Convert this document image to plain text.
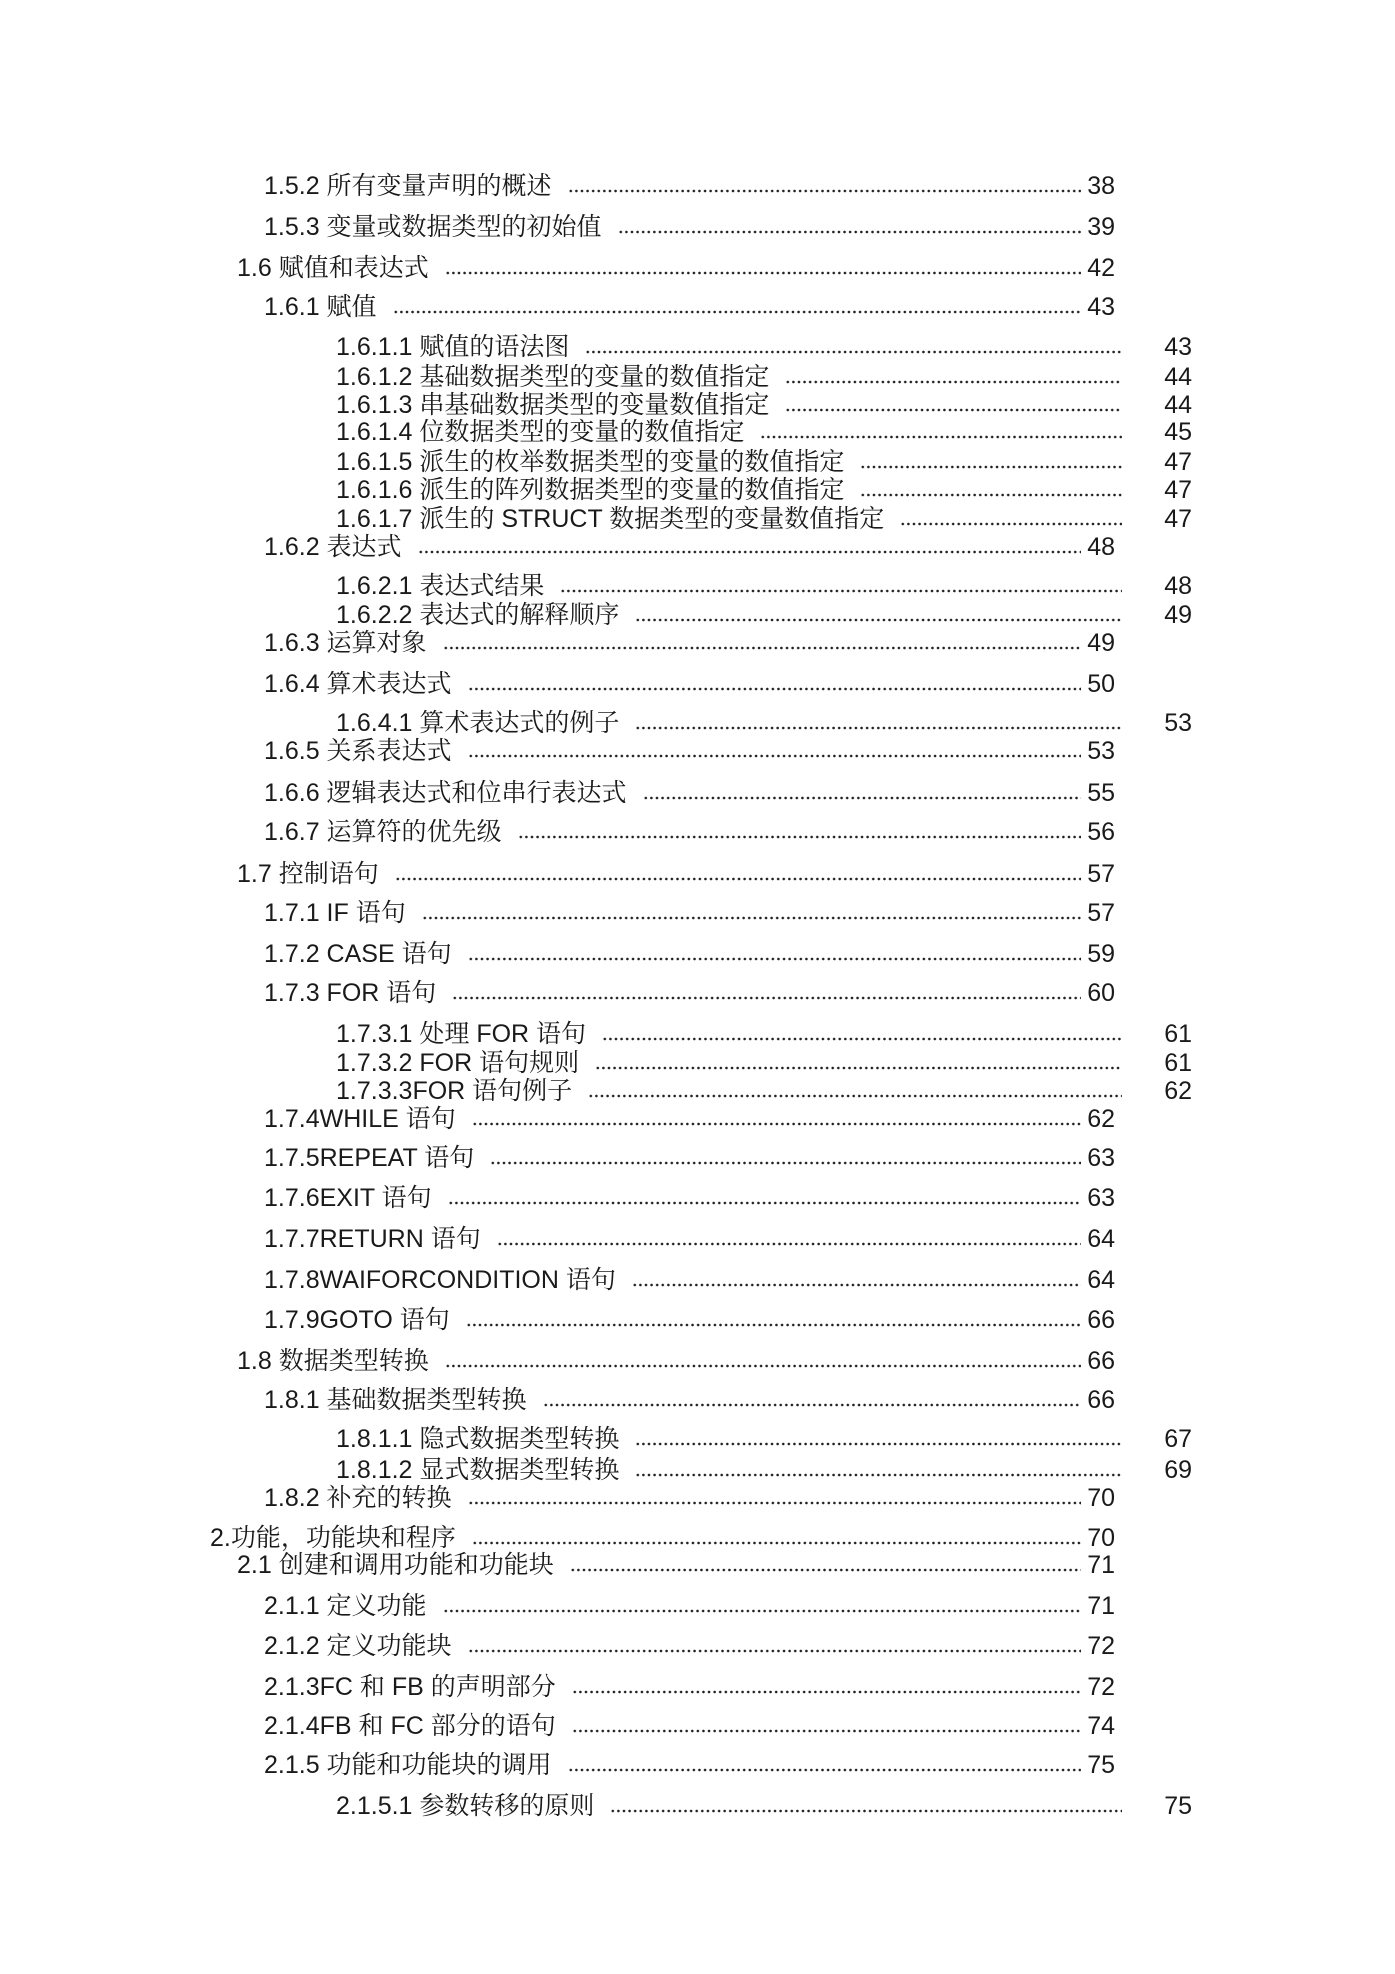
1.5.2 所有变量声明的概述	38
1.5.3 变量或数据类型的初始值	39
1.6 赋值和表达式	42
1.6.1 赋值	43
1.6.1.1 赋值的语法图	43
1.6.1.2 基础数据类型的变量的数值指定	44
1.6.1.3 串基础数据类型的变量数值指定	44
1.6.1.4 位数据类型的变量的数值指定	45
1.6.1.5 派生的枚举数据类型的变量的数值指定	47
1.6.1.6 派生的阵列数据类型的变量的数值指定	47
1.6.1.7 派生的 STRUCT 数据类型的变量数值指定	47
1.6.2 表达式	48
1.6.2.1 表达式结果	48
1.6.2.2 表达式的解释顺序	49
1.6.3 运算对象	49
1.6.4 算术表达式	50
1.6.4.1 算术表达式的例子	53
1.6.5 关系表达式	53
1.6.6 逻辑表达式和位串行表达式	55
1.6.7 运算符的优先级	56
1.7 控制语句	57
1.7.1 IF 语句	57
1.7.2 CASE 语句	59
1.7.3 FOR 语句	60
1.7.3.1 处理 FOR 语句	61
1.7.3.2 FOR 语句规则	61
1.7.3.3FOR 语句例子	62
1.7.4WHILE 语句	62
1.7.5REPEAT 语句	63
1.7.6EXIT 语句	63
1.7.7RETURN 语句	64
1.7.8WAIFORCONDITION 语句	64
1.7.9GOTO 语句	66
1.8 数据类型转换	66
1.8.1 基础数据类型转换	66
1.8.1.1 隐式数据类型转换	67
1.8.1.2 显式数据类型转换	69
1.8.2 补充的转换	70
2.功能，功能块和程序	70
2.1 创建和调用功能和功能块	71
2.1.1 定义功能	71
2.1.2 定义功能块	72
2.1.3FC 和 FB 的声明部分	72
2.1.4FB 和 FC 部分的语句	74
2.1.5 功能和功能块的调用	75
2.1.5.1 参数转移的原则	75
